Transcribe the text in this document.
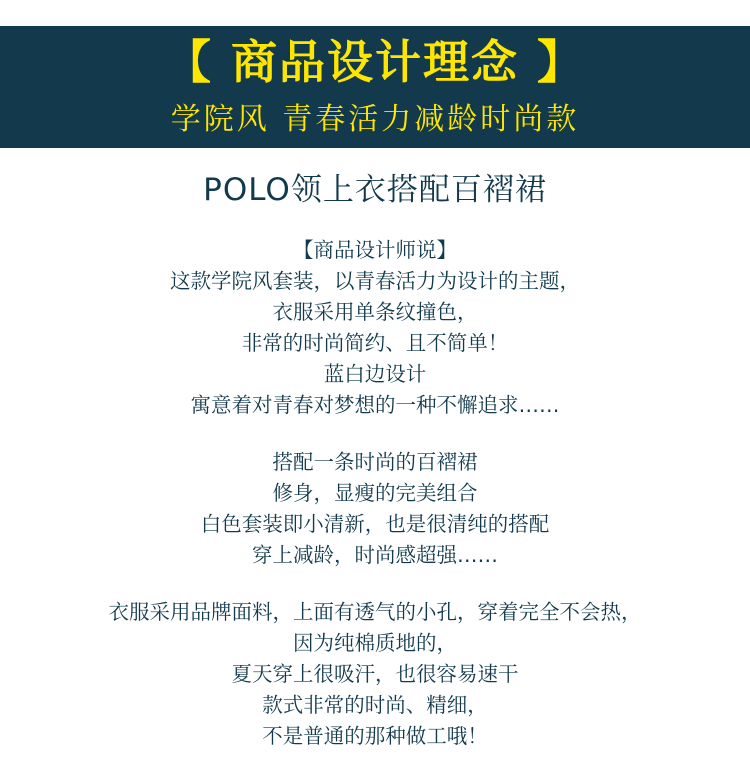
【 商品设计理念 】
学院风 青春活力减龄时尚款
POLO领上衣搭配百褶裙
【商品设计师说】
这款学院风套装，以青春活力为设计的主题，
衣服采用单条纹撞色，
非常的时尚简约、且不简单！
蓝白边设计
寓意着对青春对梦想的一种不懈追求……
搭配一条时尚的百褶裙
修身，显瘦的完美组合
白色套装即小清新，也是很清纯的搭配
穿上减龄，时尚感超强……
衣服采用品牌面料，上面有透气的小孔，穿着完全不会热，
因为纯棉质地的，
夏天穿上很吸汗，也很容易速干
款式非常的时尚、精细，
不是普通的那种做工哦！
